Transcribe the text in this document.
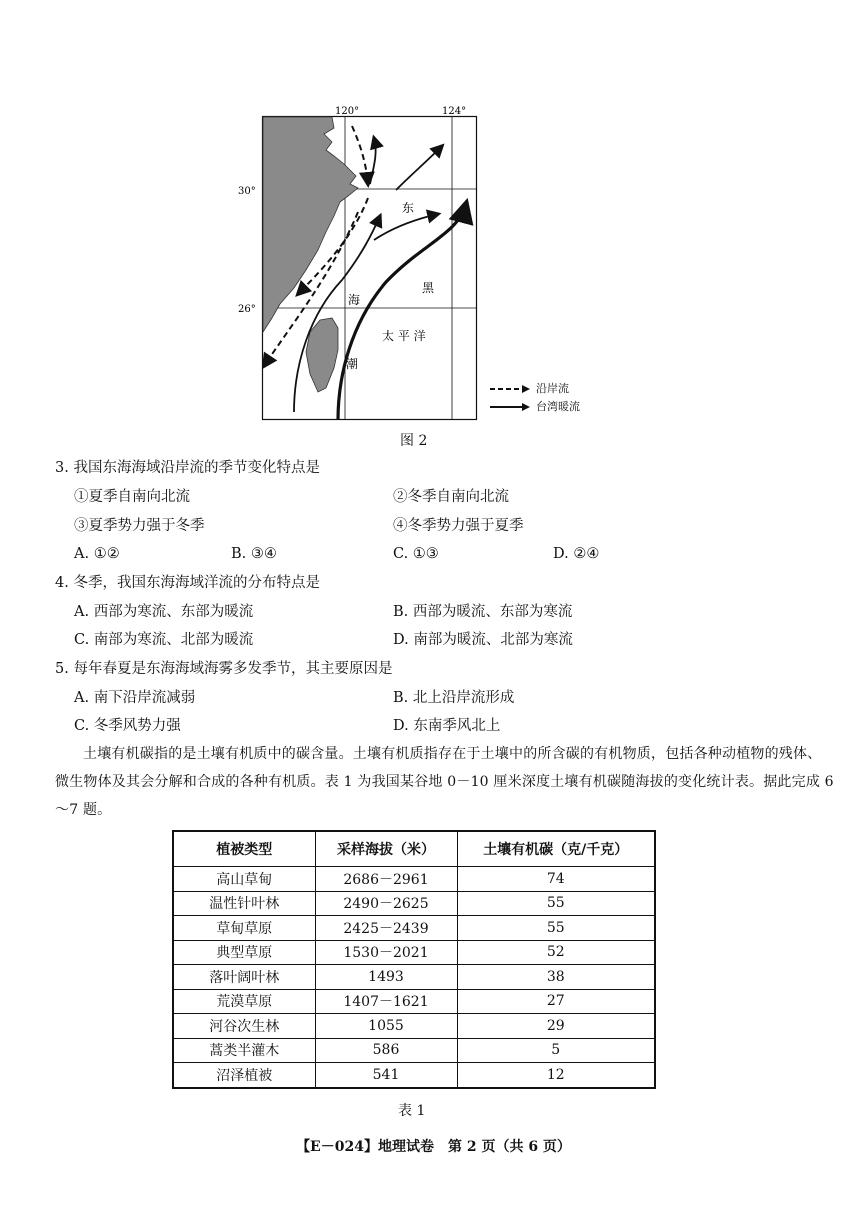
120°	124°
30°
26°
东
海
黑
太 平 洋
潮
沿岸流
台湾暖流
图 2
3. 我国东海海域沿岸流的季节变化特点是
①夏季自南向北流	②冬季自南向北流
③夏季势力强于冬季	④冬季势力强于夏季
A. ①②	B. ③④	C. ①③	D. ②④
4. 冬季，我国东海海域洋流的分布特点是
A. 西部为寒流、东部为暖流	B. 西部为暖流、东部为寒流
C. 南部为寒流、北部为暖流	D. 南部为暖流、北部为寒流
5. 每年春夏是东海海域海雾多发季节，其主要原因是
A. 南下沿岸流减弱	B. 北上沿岸流形成
C. 冬季风势力强	D. 东南季风北上
土壤有机碳指的是土壤有机质中的碳含量。土壤有机质指存在于土壤中的所含碳的有机物质，包括各种动植物的残体、微生物体及其会分解和合成的各种有机质。表 1 为我国某谷地 0－10 厘米深度土壤有机碳随海拔的变化统计表。据此完成 6～7 题。
植被类型	采样海拔（米）	土壤有机碳（克/千克）
高山草甸	2686－2961	74
温性针叶林	2490－2625	55
草甸草原	2425－2439	55
典型草原	1530－2021	52
落叶阔叶林	1493	38
荒漠草原	1407－1621	27
河谷次生林	1055	29
蒿类半灌木	586	5
沼泽植被	541	12
表 1
【E－024】地理试卷　第 2 页（共 6 页）
